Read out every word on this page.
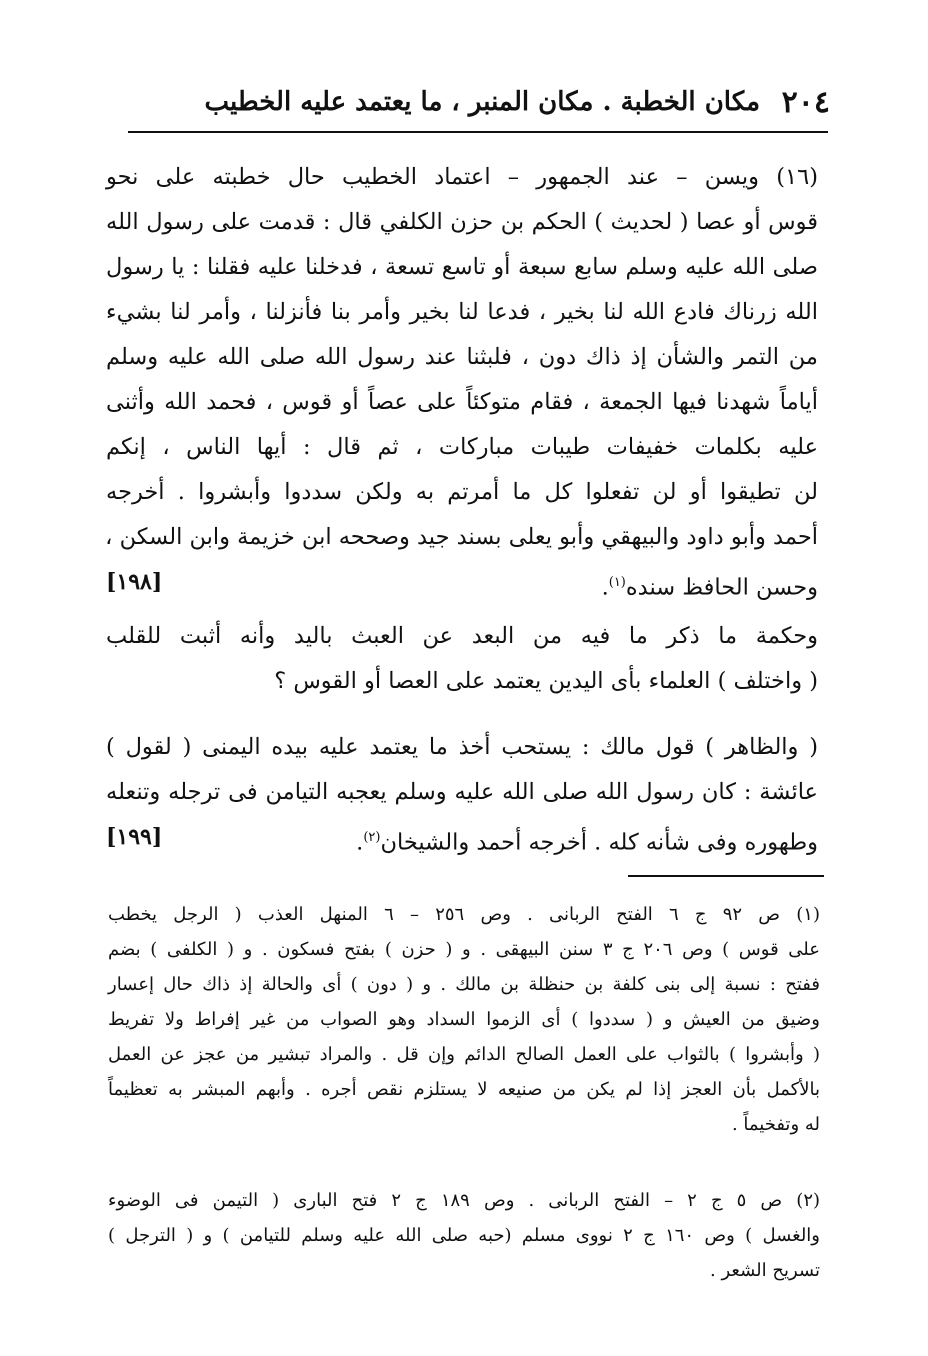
٢٠٤
مكان الخطبة . مكان المنبر ، ما يعتمد عليه الخطيب
(١٦) ويسن – عند الجمهور – اعتماد الخطيب حال خطبته على نحو
قوس أو عصا ( لحديث ) الحكم بن حزن الكلفي قال : قدمت على رسول الله
صلى الله عليه وسلم سابع سبعة أو تاسع تسعة ، فدخلنا عليه فقلنا : يا رسول
الله زرناك فادع الله لنا بخير ، فدعا لنا بخير وأمر بنا فأنزلنا ، وأمر لنا بشيء
من التمر والشأن إذ ذاك دون ، فلبثنا عند رسول الله صلى الله عليه وسلم
أياماً شهدنا فيها الجمعة ، فقام متوكئاً على عصاً أو قوس ، فحمد الله وأثنى
عليه بكلمات خفيفات طيبات مباركات ، ثم قال : أيها الناس ، إنكم
لن تطيقوا أو لن تفعلوا كل ما أمرتم به ولكن سددوا وأبشروا . أخرجه
أحمد وأبو داود والبيهقي وأبو يعلى بسند جيد وصححه ابن خزيمة وابن السكن ،
وحسن الحافظ سنده$^{(١)}$.
[١٩٨]
وحكمة ما ذكر ما فيه من البعد عن العبث باليد وأنه أثبت للقلب
( واختلف ) العلماء بأى اليدين يعتمد على العصا أو القوس ؟
( والظاهر ) قول مالك : يستحب أخذ ما يعتمد عليه بيده اليمنى ( لقول )
عائشة : كان رسول الله صلى الله عليه وسلم يعجبه التيامن فى ترجله وتنعله
وطهوره وفى شأنه كله . أخرجه أحمد والشيخان$^{(٢)}$.
[١٩٩]
(١) ص ٩٢ ج ٦ الفتح الربانى . وص ٢٥٦ – ٦ المنهل العذب ( الرجل يخطب
على قوس ) وص ٢٠٦ ج ٣ سنن البيهقى . و ( حزن ) بفتح فسكون . و ( الكلفى ) بضم
ففتح : نسبة إلى بنى كلفة بن حنظلة بن مالك . و ( دون ) أى والحالة إذ ذاك حال إعسار
وضيق من العيش و ( سددوا ) أى الزموا السداد وهو الصواب من غير إفراط ولا تفريط
( وأبشروا ) بالثواب على العمل الصالح الدائم وإن قل . والمراد تبشير من عجز عن العمل
بالأكمل بأن العجز إذا لم يكن من صنيعه لا يستلزم نقص أجره . وأبهم المبشر به تعظيماً
له وتفخيماً .
(٢) ص ٥ ج ٢ – الفتح الربانى . وص ١٨٩ ج ٢ فتح البارى ( التيمن فى الوضوء
والغسل ) وص ١٦٠ ج ٢ نووى مسلم (حبه صلى الله عليه وسلم للتيامن ) و ( الترجل )
تسريح الشعر .
